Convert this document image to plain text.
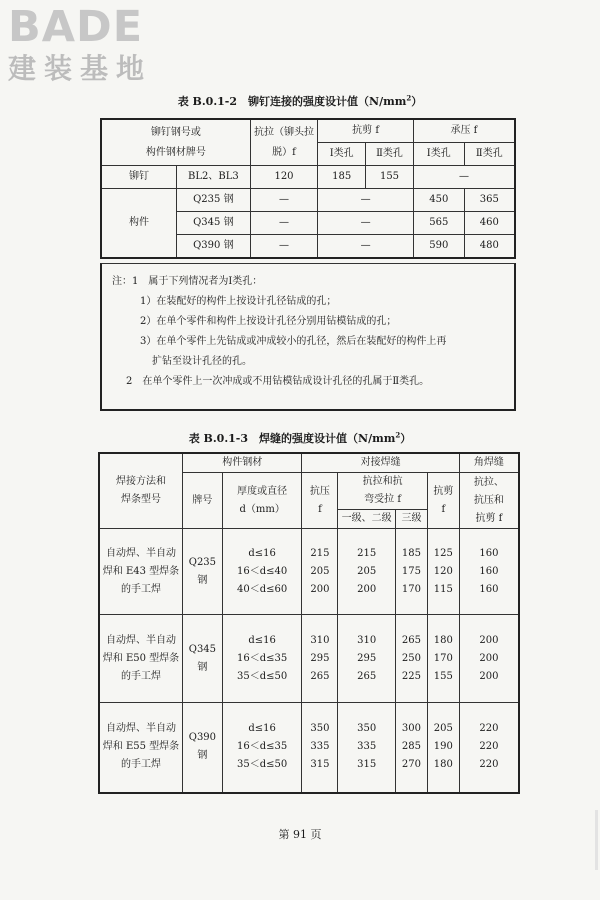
BADE
建装基地
表 B.0.1-2　铆钉连接的强度设计值$(N/mm^2)$
铆钉钢号或
构件钢材牌号		抗拉（铆头拉
脱）f	抗剪 f		承压 f	
			Ⅰ类孔	Ⅱ类孔	Ⅰ类孔	Ⅱ类孔
铆钉	BL2、BL3	120	185	155	—	
构件	Q235 钢	—	—		450	365
	Q345 钢	—	—		565	460
	Q390 钢	—	—		590	480
注：1　属于下列情况者为Ⅰ类孔：
1）在装配好的构件上按设计孔径钻成的孔；
2）在单个零件和构件上按设计孔径分别用钻模钻成的孔；
3）在单个零件上先钻成或冲成较小的孔径，然后在装配好的构件上再
扩钻至设计孔径的孔。
2　在单个零件上一次冲成或不用钻模钻成设计孔径的孔属于Ⅱ类孔。
表 B.0.1-3　焊缝的强度设计值$(N/mm^2)$
焊接方法和
焊条型号	构件钢材		对接焊缝				角焊缝
	牌号	厚度或直径
d（mm）	抗压
f	抗拉和抗
弯受拉 f		抗剪
f	抗拉、
抗压和
抗剪 f

				一级、二级	三级		

自动焊、半自动
焊和 E43 型焊条
的手工焊	Q235 钢	d≤16
16＜d≤40
40＜d≤60	215
205
200	215
205
200	185
175
170	125
120
115	160
160
160

自动焊、半自动
焊和 E50 型焊条
的手工焊	Q345 钢	d≤16
16＜d≤35
35＜d≤50	310
295
265	310
295
265	265
250
225	180
170
155	200
200
200

自动焊、半自动
焊和 E55 型焊条
的手工焊	Q390 钢	d≤16
16＜d≤35
35＜d≤50	350
335
315	350
335
315	300
285
270	205
190
180	220
220
220
第 91 页
